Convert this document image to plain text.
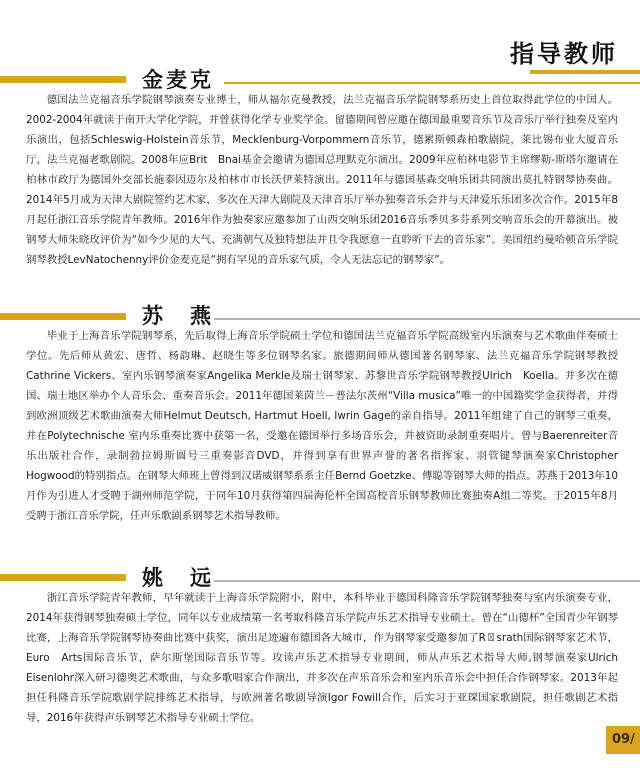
指导教师
金麦克
德国法兰克福音乐学院钢琴演奏专业博士，师从福尔克曼教授，法兰克福音乐学院钢琴系历史上首位取得此学位的中国人。2002-2004年就读于南开大学化学院，并曾获得化学专业奖学金。留德期间曾应邀在德国最重要音乐节及音乐厅举行独奏及室内乐演出，包括Schleswig-Holstein音乐节，Mecklenburg-Vorpommern音乐节，德累斯顿森柏歌剧院，莱比锡布业大厦音乐厅，法兰克福老歌剧院。2008年应Brit　Bnai基金会邀请为德国总理默克尔演出。2009年应柏林电影节主席缪勒-斯塔尔邀请在柏林市政厅为德国外交部长施泰因迈尔及柏林市市长沃伊莱特演出。2011年与德国基森交响乐团共同演出莫扎特钢琴协奏曲。2014年5月成为天津大剧院签约艺术家，多次在天津大剧院及天津音乐厅举办独奏音乐会并与天津爱乐乐团多次合作。2015年8月起任浙江音乐学院青年教师。2016年作为独奏家应邀参加了山西交响乐团2016音乐季贝多芬系列交响音乐会的开幕演出。被钢琴大师朱晓玫评价为“如今少见的大气、充满朝气及独特想法并且令我愿意一直聆听下去的音乐家”。美国纽约曼哈顿音乐学院钢琴教授LevNatochenny评价金麦克是“拥有罕见的音乐家气质，令人无法忘记的钢琴家”。
苏　燕
毕业于上海音乐学院钢琴系，先后取得上海音乐学院硕士学位和德国法兰克福音乐学院高级室内乐演奏与艺术歌曲伴奏硕士学位。先后师从黄宏、唐哲、杨韵琳、赵晓生等多位钢琴名家。旅德期间师从德国著名钢琴家、法兰克福音乐学院钢琴教授Cathrine Vickers、室内乐钢琴演奏家Angelika Merkle及瑞士钢琴家、苏黎世音乐学院钢琴教授Ulrich　Koella。并多次在德国、瑞士地区举办个人音乐会、重奏音乐会。2011年德国莱茵兰－普法尔茨州“Villa musica”唯一的中国籍奖学金获得者，并得到欧洲顶级艺术歌曲演奏大师Helmut Deutsch, Hartmut Hoell, Iwrin Gage的亲自指导。2011年组建了自己的钢琴三重奏，并在Polytechnische 室内乐重奏比赛中获第一名，受邀在德国举行多场音乐会，并被资助录制重奏唱片。曾与Baerenreiter音乐出版社合作，录制勃拉姆斯圆号三重奏影音DVD，并得到享有世界声誉的著名指挥家、羽管键琴演奏家Christopher Hogwood的特别指点。在钢琴大师班上曾得到汉诺威钢琴系系主任Bernd Goetzke、傅聪等钢琴大师的指点。苏燕于2013年10月作为引进人才受聘于湖州师范学院，于同年10月获得第四届海伦杯全国高校音乐钢琴教师比赛独奏A组二等奖。于2015年8月受聘于浙江音乐学院，任声乐歌剧系钢琴艺术指导教师。
姚　远
浙江音乐学院青年教师，早年就读于上海音乐学院附小，附中，本科毕业于德国科隆音乐学院钢琴独奏与室内乐演奏专业，2014年获得钢琴独奏硕士学位，同年以专业成绩第一名考取科隆音乐学院声乐艺术指导专业硕士。曾在“山德杯”全国青少年钢琴比赛，上海音乐学院钢琴协奏曲比赛中获奖，演出足迹遍布德国各大城市，作为钢琴家受邀参加了R〿srath国际钢琴家艺术节，Euro　Arts国际音乐节，萨尔斯堡国际音乐节等。攻读声乐艺术指导专业期间，师从声乐艺术指导大师,钢琴演奏家Ulrich　Eisenlohr深入研习德奥艺术歌曲，与众多歌唱家合作演出，并多次在声乐音乐会和室内乐音乐会中担任合作钢琴家。2013年起担任科隆音乐学院歌剧学院排练艺术指导，与欧洲著名歌剧导演Igor Fowill合作，后实习于亚琛国家歌剧院，担任歌剧艺术指导，2016年获得声乐钢琴艺术指导专业硕士学位。
09/
